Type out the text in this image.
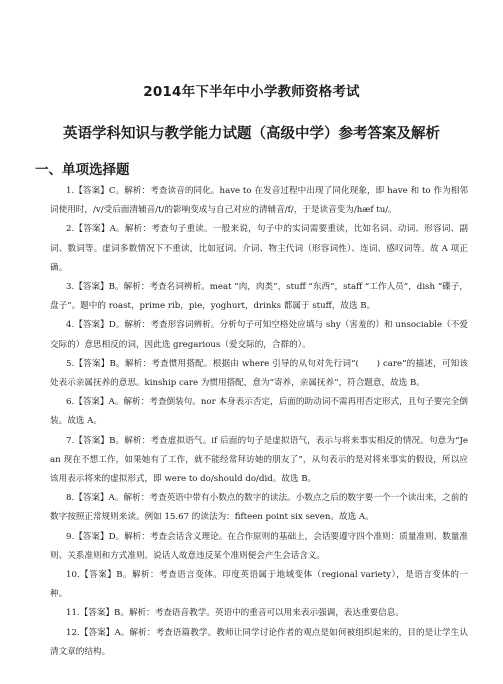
2014年下半年中小学教师资格考试
英语学科知识与教学能力试题（高级中学）参考答案及解析
一、单项选择题

1.【答案】C。解析：考查读音的同化。have to 在发音过程中出现了同化现象，即 have 和 to 作为相邻词使用时，/v/受后面清辅音/t/的影响变成与自己对应的清辅音/f/，于是读音变为/hæf tu/。

2.【答案】A。解析：考查句子重读。一般来说，句子中的实词需要重读，比如名词、动词、形容词、副词、数词等。虚词多数情况下不重读，比如冠词、介词、物主代词（形容词性）、连词、感叹词等。故 A 项正确。

3.【答案】B。解析：考查名词辨析。meat “肉，肉类”，stuff “东西”，staff “工作人员”，dish “碟子，盘子”。题中的 roast，prime rib，pie，yoghurt，drinks 都属于 stuff，故选 B。

4.【答案】D。解析：考查形容词辨析。分析句子可知空格处应填与 shy（害羞的）和 unsociable（不爱交际的）意思相反的词，因此选 gregarious（爱交际的，合群的）。

5.【答案】B。解析：考查惯用搭配。根据由 where 引导的从句对先行词“(　　) care”的描述，可知该处表示亲属抚养的意思。kinship care 为惯用搭配，意为“寄养，亲属抚养”，符合题意，故选 B。

6.【答案】A。解析：考查倒装句。nor 本身表示否定，后面的助动词不需再用否定形式，且句子要完全倒装。故选 A。

7.【答案】B。解析：考查虚拟语气。if 后面的句子是虚拟语气，表示与将来事实相反的情况。句意为“Jean 现在不想工作，如果她有了工作，就不能经常拜访她的朋友了”，从句表示的是对将来事实的假设，所以应该用表示将来的虚拟形式，即 were to do/should do/did。故选 B。

8.【答案】A。解析：考查英语中带有小数点的数字的读法。小数点之后的数字要一个一个读出来，之前的数字按照正常规则来读。例如 15.67 的读法为：fifteen point six seven。故选 A。

9.【答案】D。解析：考查会话含义理论。在合作原则的基础上，会话要遵守四个准则：质量准则、数量准则、关系准则和方式准则。说话人故意违反某个准则便会产生会话含义。

10.【答案】B。解析：考查语言变体。印度英语属于地域变体（regional variety），是语言变体的一种。

11.【答案】B。解析：考查语音教学。英语中的重音可以用来表示强调，表达重要信息。

12.【答案】A。解析：考查语篇教学。教师让同学讨论作者的观点是如何被组织起来的，目的是让学生认清文章的结构。
